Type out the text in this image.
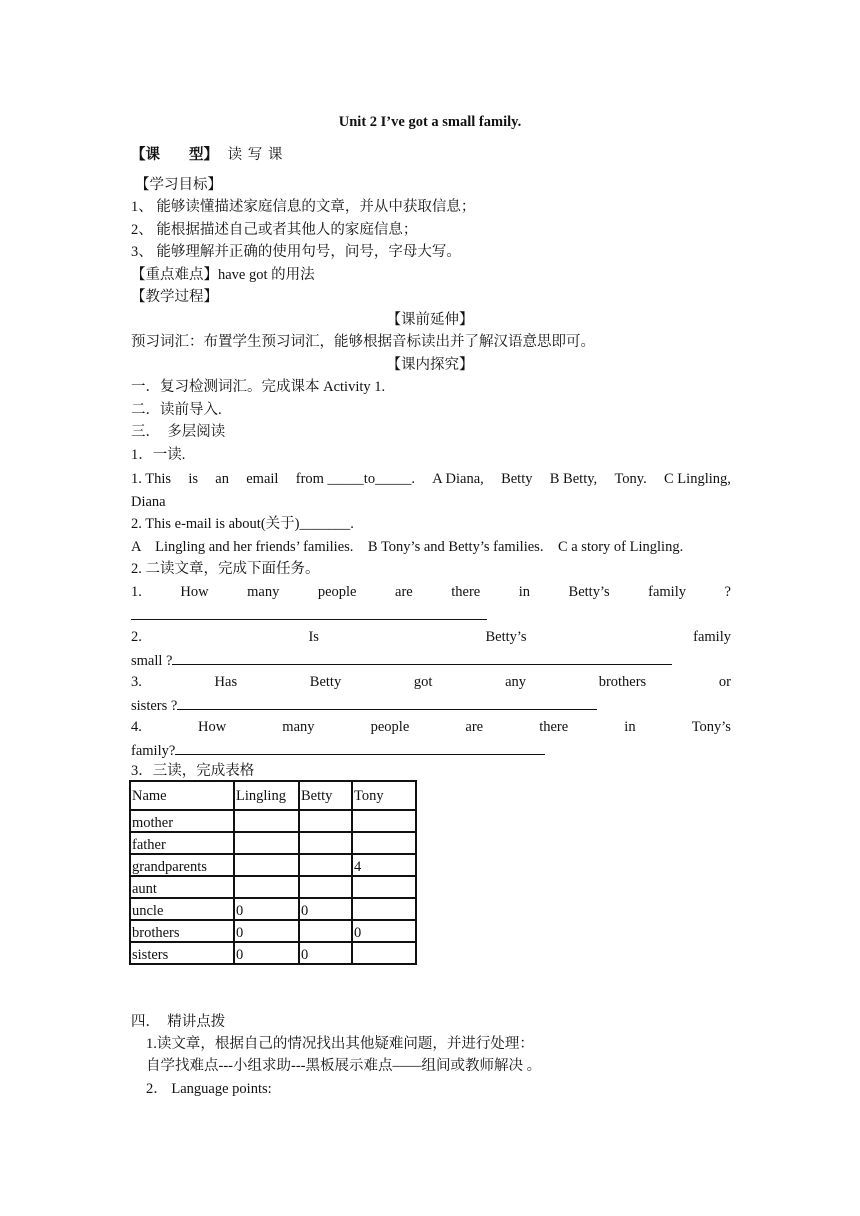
Unit 2 I’ve got a small family.
【课　　型】 读 写 课
【学习目标】
1、 能够读懂描述家庭信息的文章，并从中获取信息；
2、 能根据描述自己或者其他人的家庭信息；
3、 能够理解并正确的使用句号，问号，字母大写。
【重点难点】have got 的用法
【教学过程】
【课前延伸】
预习词汇：布置学生预习词汇，能够根据音标读出并了解汉语意思即可。
【课内探究】
一．复习检测词汇。完成课本 Activity 1.
二．读前导入.
三．　多层阅读
1．一读.
1. This is an email from _____to_____. A Diana, Betty B Betty, Tony. C Lingling,
Diana
2. This e-mail is about(关于)_______.
A　Lingling and her friends’ families.　B Tony’s and Betty’s families.　C a story of Lingling.
2. 二读文章，完成下面任务。
1.	How	many	people	are	there	in	Betty’s	family	?
2.	Is	Betty’s	family
small ?
3.	Has	Betty	got	any	brothers	or
sisters ?
4.	How	many	people	are	there	in	Tony’s
family?
3．三读，完成表格
Name	Lingling	Betty	Tony
mother			
father			
grandparents			4
aunt			
uncle	0	0	
brothers	0		0
sisters	0	0	
四．　精讲点拨
1.读文章，根据自己的情况找出其他疑难问题，并进行处理：
自学找难点---小组求助---黑板展示难点——组间或教师解决 。
2． Language points:
